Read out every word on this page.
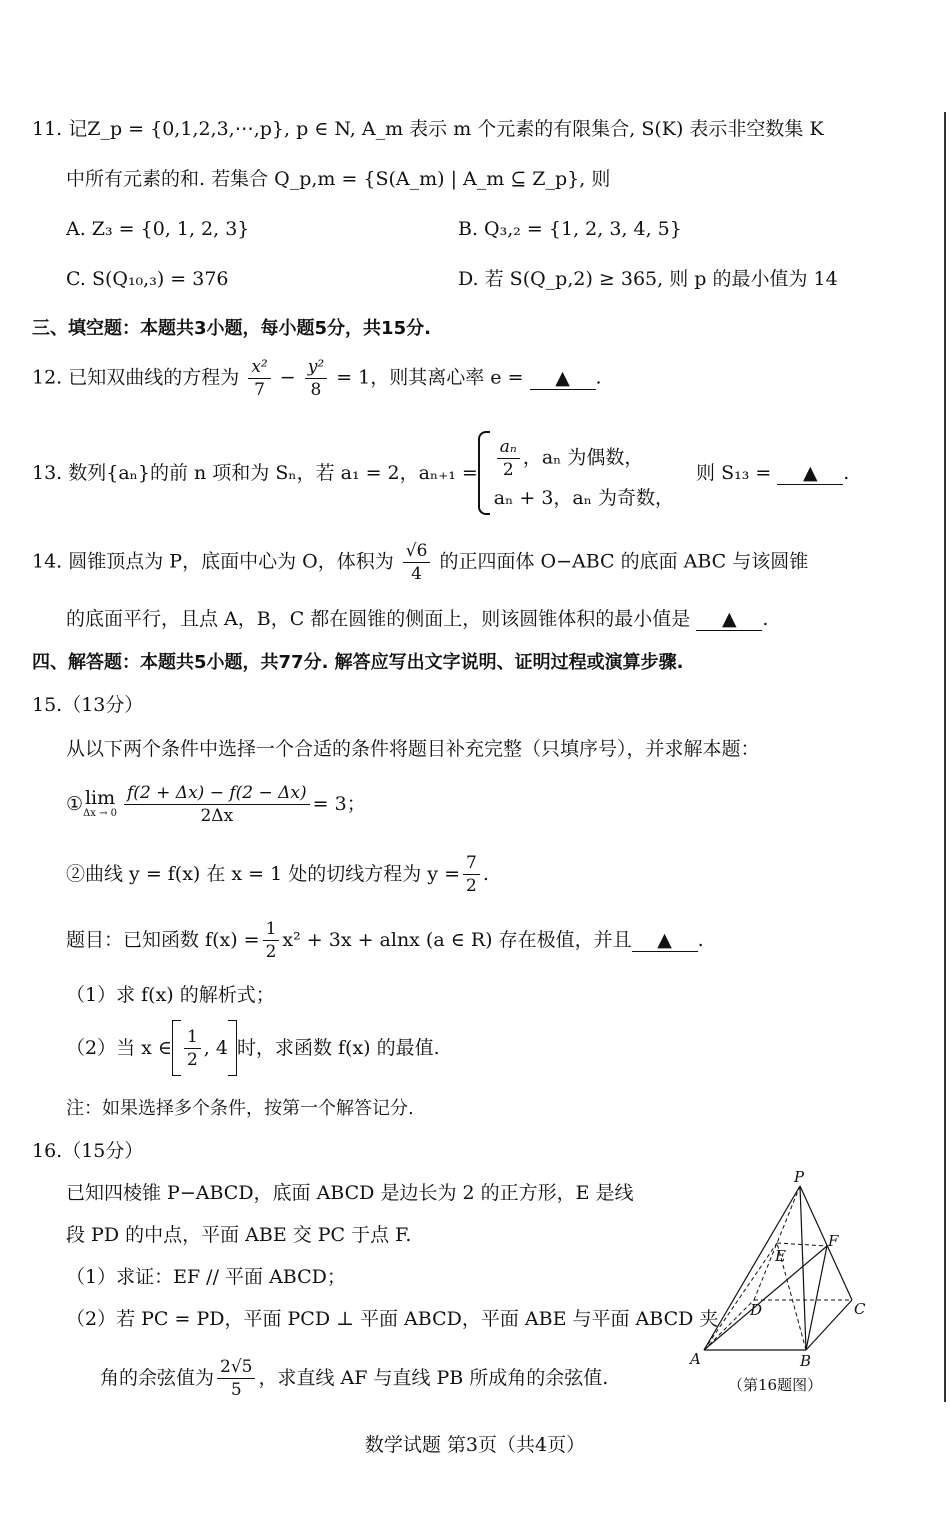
11. 记Z_p = {0,1,2,3,⋯,p}, p ∈ N, A_m 表示 m 个元素的有限集合, S(K) 表示非空数集 K
中所有元素的和. 若集合 Q_p,m = {S(A_m) | A_m ⊆ Z_p}, 则
A. Z₃ = {0, 1, 2, 3}	B. Q₃,₂ = {1, 2, 3, 4, 5}
C. S(Q₁₀,₃) = 376	D. 若 S(Q_p,2) ≥ 365, 则 p 的最小值为 14
三、填空题：本题共3小题，每小题5分，共15分.
12. 已知双曲线的方程为 $\frac{\text{x²}}{7} - \frac{\text{y²}}{8} = 1$，则其离心率 e = ▲ .
13. 数列{aₙ}的前 n 项和为 Sₙ，若 a₁ = 2，$a_{n+1} = \frac{\text{aₙ}}{2}$ ，aₙ 为偶数，
aₙ + 3，aₙ 为奇数，
则 S₁₃ =	▲	.
14. 圆锥顶点为 P，底面中心为 O，体积为 $\frac{√6}{4}$ 的正四面体 O−ABC 的底面 ABC 与该圆锥
的底面平行，且点 A，B，C 都在圆锥的侧面上，则该圆锥体积的最小值是 ▲ .
四、解答题：本题共5小题，共77分. 解答应写出文字说明、证明过程或演算步骤.
15.（13分）
从以下两个条件中选择一个合适的条件将题目补充完整（只填序号），并求解本题：
① lim
$\Delta x \to 0 \frac{f(2 + \Delta x) - f(2 - \Delta x)}{2\Delta x} = 3$；
②曲线 y = f(x) 在 x = 1 处的切线方程为 $y = \frac{7}{2}$ .
题目：已知函数 $f(x) = \frac{1}{2} x^2 + 3x + alnx$ (a ∈ R) 存在极值，并且	▲	.
（1）求 f(x) 的解析式；
（2）当 x ∈ $\frac{1}{2}$ , 4 时，求函数 f(x) 的最值.
注：如果选择多个条件，按第一个解答记分.
16.（15分）
已知四棱锥 P−ABCD，底面 ABCD 是边长为 2 的正方形，E 是线
段 PD 的中点，平面 ABE 交 PC 于点 F.
（1）求证：EF // 平面 ABCD；
（2）若 PC = PD，平面 PCD ⊥ 平面 ABCD，平面 ABE 与平面 ABCD 夹
角的余弦值为 $\frac{2√5}{5}$ ，求直线 AF 与直线 PB 所成角的余弦值.
P
E
F
D	C
A	B
（第16题图）
数学试题 第3页（共4页）
